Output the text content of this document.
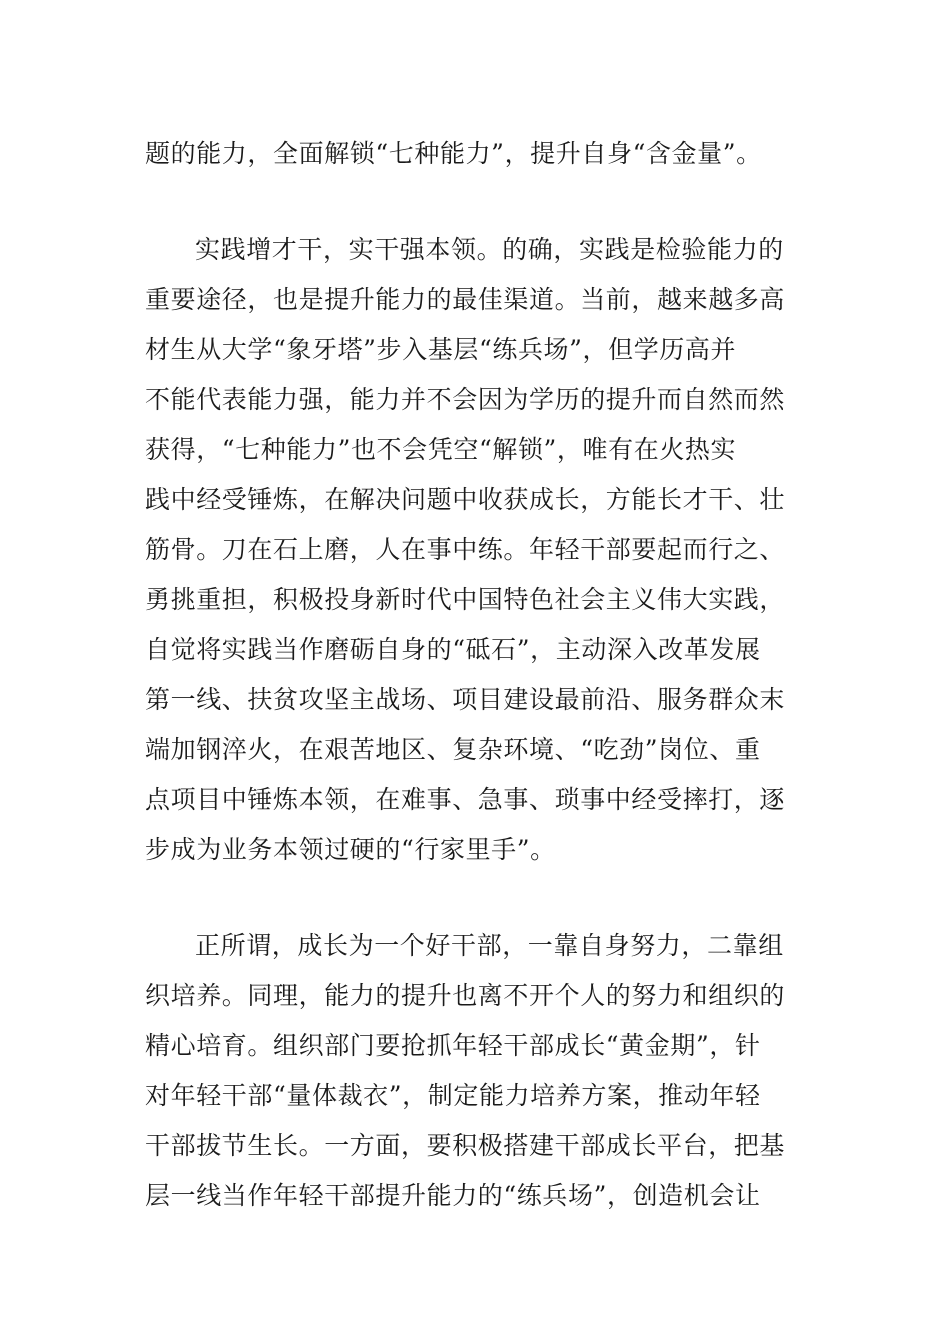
题的能力，全面解锁“七种能力”，提升自身“含金量”。
实践增才干，实干强本领。的确，实践是检验能力的
重要途径，也是提升能力的最佳渠道。当前，越来越多高
材生从大学“象牙塔”步入基层“练兵场”，但学历高并
不能代表能力强，能力并不会因为学历的提升而自然而然
获得，“七种能力”也不会凭空“解锁”，唯有在火热实
践中经受锤炼，在解决问题中收获成长，方能长才干、壮
筋骨。刀在石上磨，人在事中练。年轻干部要起而行之、
勇挑重担，积极投身新时代中国特色社会主义伟大实践，
自觉将实践当作磨砺自身的“砥石”，主动深入改革发展
第一线、扶贫攻坚主战场、项目建设最前沿、服务群众末
端加钢淬火，在艰苦地区、复杂环境、“吃劲”岗位、重
点项目中锤炼本领，在难事、急事、琐事中经受摔打，逐
步成为业务本领过硬的“行家里手”。
正所谓，成长为一个好干部，一靠自身努力，二靠组
织培养。同理，能力的提升也离不开个人的努力和组织的
精心培育。组织部门要抢抓年轻干部成长“黄金期”，针
对年轻干部“量体裁衣”，制定能力培养方案，推动年轻
干部拔节生长。一方面，要积极搭建干部成长平台，把基
层一线当作年轻干部提升能力的“练兵场”，创造机会让
